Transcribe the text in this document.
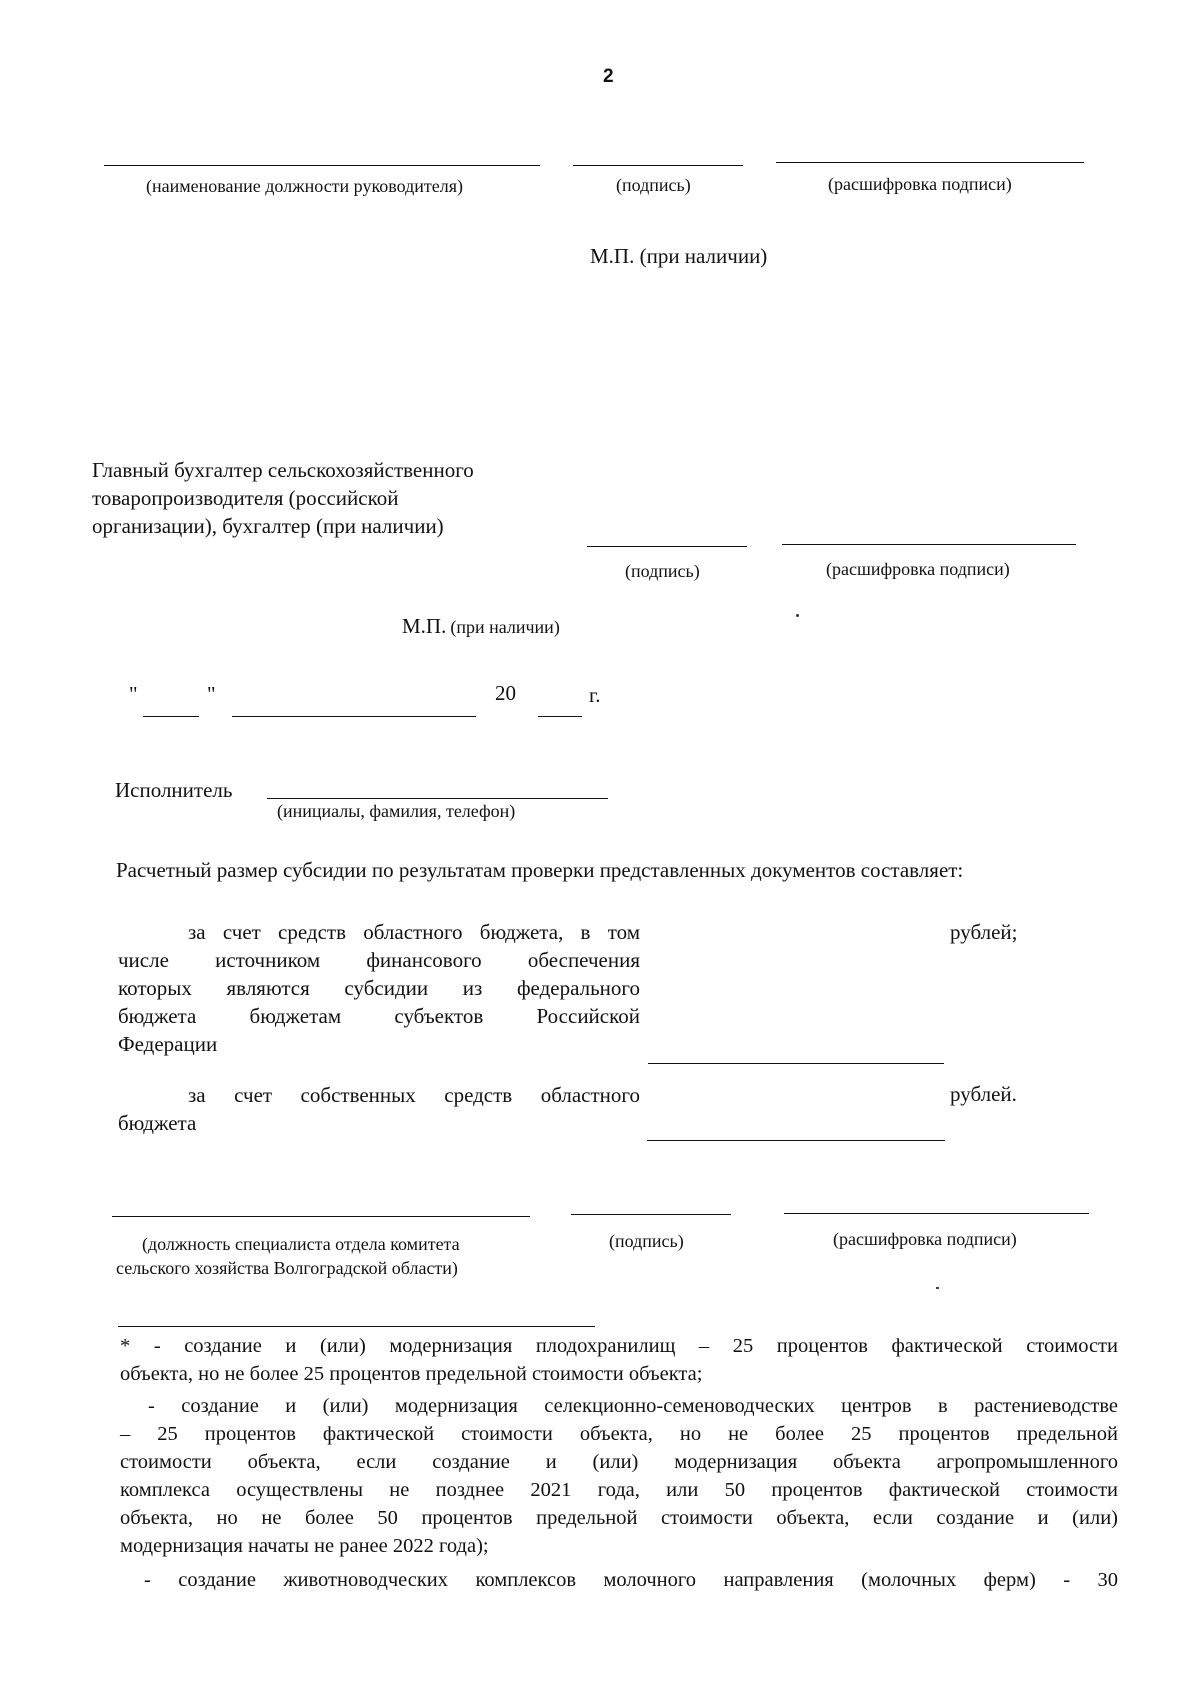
2
(наименование должности руководителя)	(подпись)	(расшифровка подписи)
М.П. (при наличии)
Главный бухгалтер сельскохозяйственного
товаропроизводителя (российской
организации), бухгалтер (при наличии)
(подпись)	(расшифровка подписи)
М.П. (при наличии)
"	"	20	г.
Исполнитель
(инициалы, фамилия, телефон)
Расчетный размер субсидии по результатам проверки представленных документов составляет:
за счет средств областного бюджета, в том
числе источником финансового обеспечения
которых являются субсидии из федерального
бюджета бюджетам субъектов Российской
Федерации
рублей;
за счет собственных средств областного
бюджета
рублей.
(должность специалиста отдела комитета
сельского хозяйства Волгоградской области)
(подпись)	(расшифровка подписи)
* - создание и (или) модернизация плодохранилищ – 25 процентов фактической стоимости
объекта, но не более 25 процентов предельной стоимости объекта;
- создание и (или) модернизация селекционно-семеноводческих центров в растениеводстве
– 25 процентов фактической стоимости объекта, но не более 25 процентов предельной
стоимости объекта, если создание и (или) модернизация объекта агропромышленного
комплекса осуществлены не позднее 2021 года, или 50 процентов фактической стоимости
объекта, но не более 50 процентов предельной стоимости объекта, если создание и (или)
модернизация начаты не ранее 2022 года);
- создание животноводческих комплексов молочного направления (молочных ферм) - 30
